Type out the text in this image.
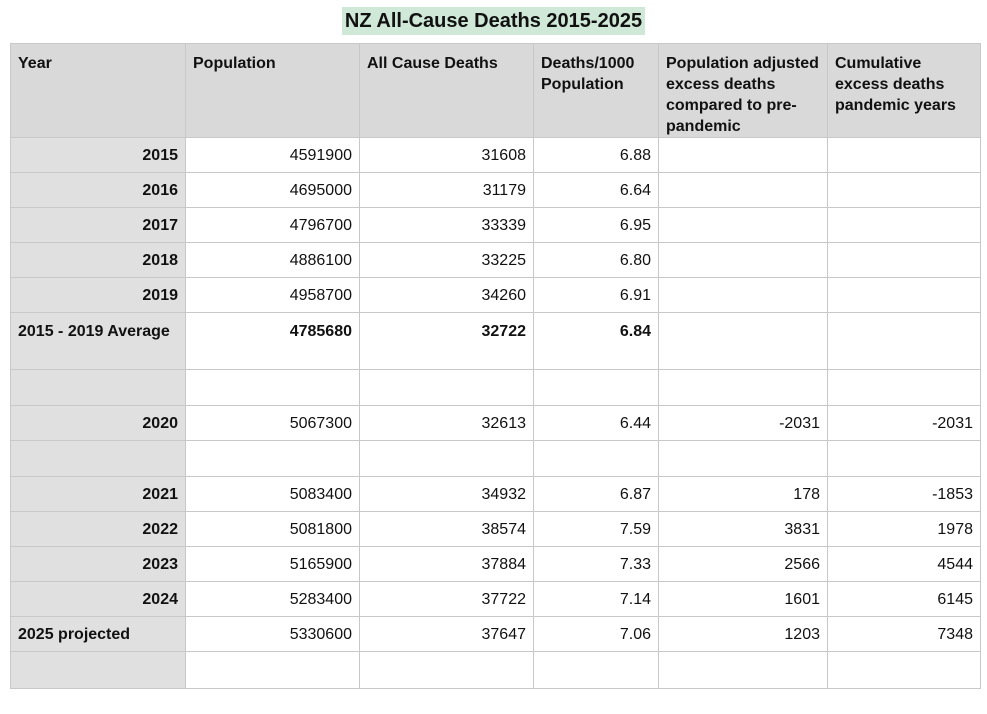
NZ All-Cause Deaths 2015-2025
Year	Population	All Cause Deaths	Deaths/1000 Population	Population adjusted excess deaths compared to pre-pandemic	Cumulative excess deaths pandemic years
2015	4591900	31608	6.88		
2016	4695000	31179	6.64		
2017	4796700	33339	6.95		
2018	4886100	33225	6.80		
2019	4958700	34260	6.91		
2015 - 2019 Average	4785680	32722	6.84		

2020	5067300	32613	6.44	-2031	-2031

2021	5083400	34932	6.87	178	-1853
2022	5081800	38574	7.59	3831	1978
2023	5165900	37884	7.33	2566	4544
2024	5283400	37722	7.14	1601	6145
2025 projected	5330600	37647	7.06	1203	7348
